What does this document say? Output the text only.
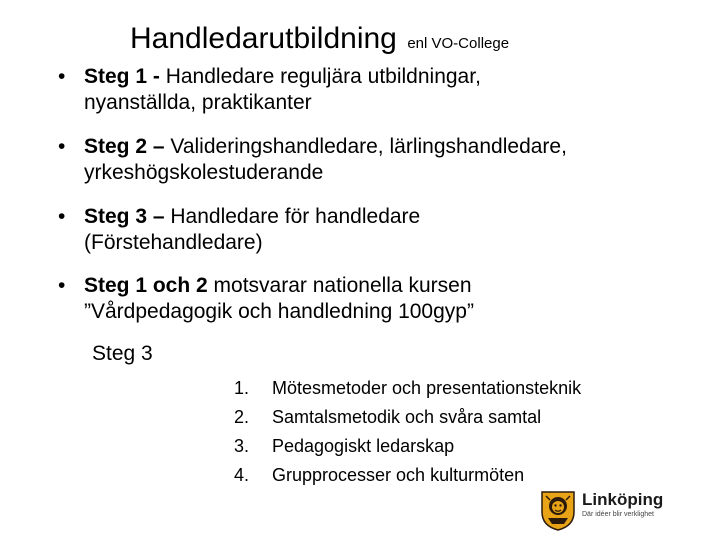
Handledarutbildning enl VO-College
• Steg 1 - Handledare reguljära utbildningar,
nyanställda, praktikanter
• Steg 2 – Valideringshandledare, lärlingshandledare,
yrkeshögskolestuderande
• Steg 3 – Handledare för handledare
(Förstehandledare)
• Steg 1 och 2 motsvarar nationella kursen
”Vårdpedagogik och handledning 100gyp”
Steg 3
1.	Mötesmetoder och presentationsteknik
2.	Samtalsmetodik och svåra samtal
3.	Pedagogiskt ledarskap
4.	Grupprocesser och kulturmöten
Linköping
Där idéer blir verklighet
